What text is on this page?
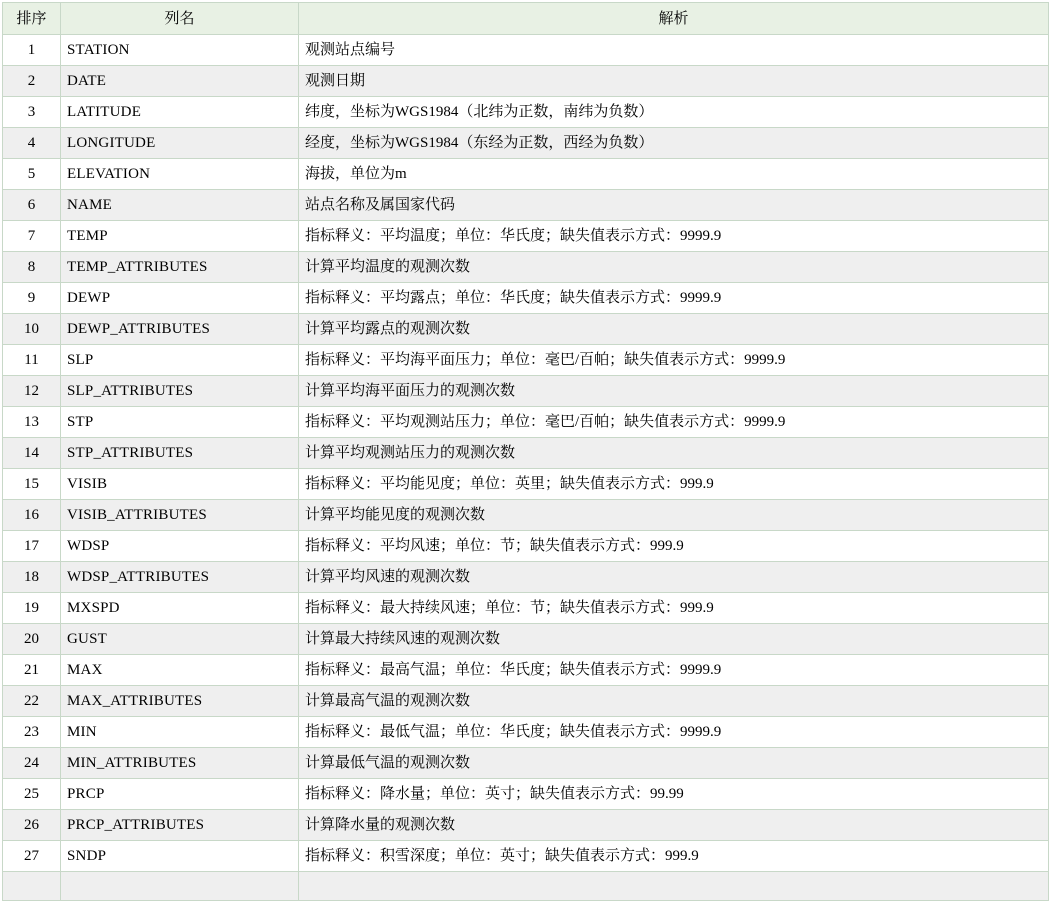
排序	列名	解析
1	STATION	观测站点编号
2	DATE	观测日期
3	LATITUDE	纬度，坐标为WGS1984（北纬为正数，南纬为负数）
4	LONGITUDE	经度，坐标为WGS1984（东经为正数，西经为负数）
5	ELEVATION	海拔，单位为m
6	NAME	站点名称及属国家代码
7	TEMP	指标释义：平均温度；单位：华氏度；缺失值表示方式：9999.9
8	TEMP_ATTRIBUTES	计算平均温度的观测次数
9	DEWP	指标释义：平均露点；单位：华氏度；缺失值表示方式：9999.9
10	DEWP_ATTRIBUTES	计算平均露点的观测次数
11	SLP	指标释义：平均海平面压力；单位：毫巴/百帕；缺失值表示方式：9999.9
12	SLP_ATTRIBUTES	计算平均海平面压力的观测次数
13	STP	指标释义：平均观测站压力；单位：毫巴/百帕；缺失值表示方式：9999.9
14	STP_ATTRIBUTES	计算平均观测站压力的观测次数
15	VISIB	指标释义：平均能见度；单位：英里；缺失值表示方式：999.9
16	VISIB_ATTRIBUTES	计算平均能见度的观测次数
17	WDSP	指标释义：平均风速；单位：节；缺失值表示方式：999.9
18	WDSP_ATTRIBUTES	计算平均风速的观测次数
19	MXSPD	指标释义：最大持续风速；单位：节；缺失值表示方式：999.9
20	GUST	计算最大持续风速的观测次数
21	MAX	指标释义：最高气温；单位：华氏度；缺失值表示方式：9999.9
22	MAX_ATTRIBUTES	计算最高气温的观测次数
23	MIN	指标释义：最低气温；单位：华氏度；缺失值表示方式：9999.9
24	MIN_ATTRIBUTES	计算最低气温的观测次数
25	PRCP	指标释义：降水量；单位：英寸；缺失值表示方式：99.99
26	PRCP_ATTRIBUTES	计算降水量的观测次数
27	SNDP	指标释义：积雪深度；单位：英寸；缺失值表示方式：999.9
